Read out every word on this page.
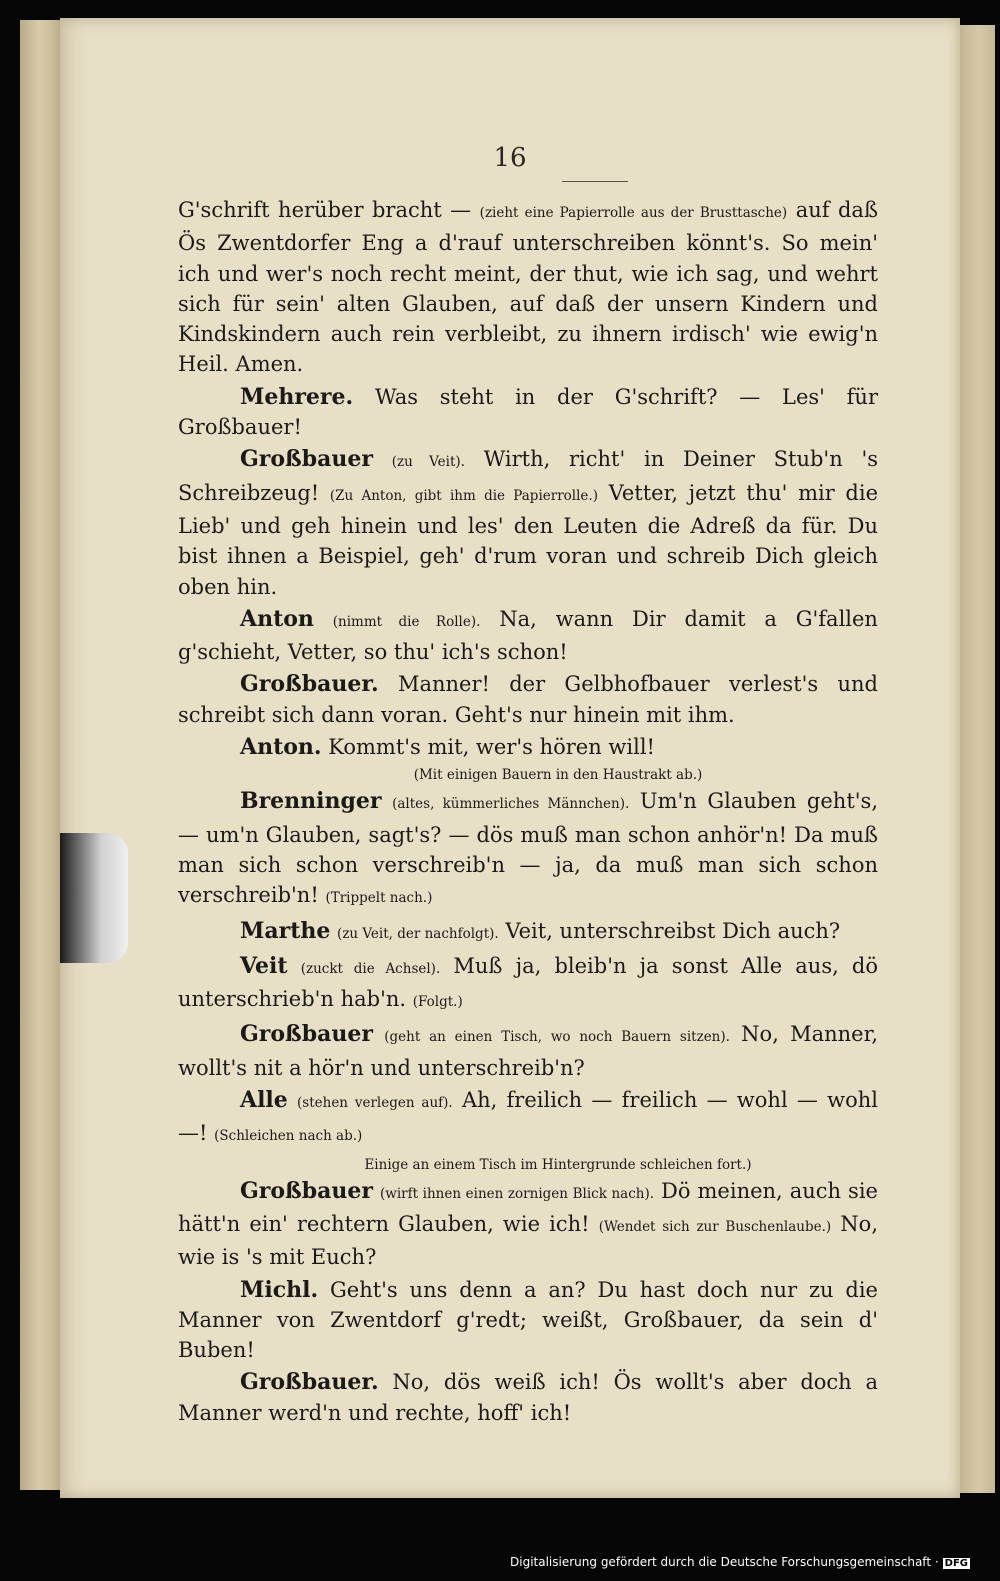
16

G'schrift herüber bracht — (zieht eine Papierrolle aus der Brusttasche) auf daß Ös Zwentdorfer Eng a d'rauf unterschreiben könnt's. So mein' ich und wer's noch recht meint, der thut, wie ich sag, und wehrt sich für sein' alten Glauben, auf daß der unsern Kindern und Kindskindern auch rein verbleibt, zu ihnern irdisch' wie ewig'n Heil. Amen.

Mehrere. Was steht in der G'schrift? — Les' für Großbauer!

Großbauer (zu Veit). Wirth, richt' in Deiner Stub'n 's Schreibzeug! (Zu Anton, gibt ihm die Papierrolle.) Vetter, jetzt thu' mir die Lieb' und geh hinein und les' den Leuten die Adreß da für. Du bist ihnen a Beispiel, geh' d'rum voran und schreib Dich gleich oben hin.

Anton (nimmt die Rolle). Na, wann Dir damit a G'fallen g'schieht, Vetter, so thu' ich's schon!

Großbauer. Manner! der Gelbhofbauer verlest's und schreibt sich dann voran. Geht's nur hinein mit ihm.

Anton. Kommt's mit, wer's hören will!

(Mit einigen Bauern in den Haustrakt ab.)

Brenninger (altes, kümmerliches Männchen). Um'n Glauben geht's, — um'n Glauben, sagt's? — dös muß man schon anhör'n! Da muß man sich schon verschreib'n — ja, da muß man sich schon verschreib'n! (Trippelt nach.)

Marthe (zu Veit, der nachfolgt). Veit, unterschreibst Dich auch?

Veit (zuckt die Achsel). Muß ja, bleib'n ja sonst Alle aus, dö unterschrieb'n hab'n. (Folgt.)

Großbauer (geht an einen Tisch, wo noch Bauern sitzen). No, Manner, wollt's nit a hör'n und unterschreib'n?

Alle (stehen verlegen auf). Ah, freilich — freilich — wohl — wohl —! (Schleichen nach ab.)

Einige an einem Tisch im Hintergrunde schleichen fort.)

Großbauer (wirft ihnen einen zornigen Blick nach). Dö meinen, auch sie hätt'n ein' rechtern Glauben, wie ich! (Wendet sich zur Buschenlaube.) No, wie is 's mit Euch?

Michl. Geht's uns denn a an? Du hast doch nur zu die Manner von Zwentdorf g'redt; weißt, Großbauer, da sein d' Buben!

Großbauer. No, dös weiß ich! Ös wollt's aber doch a Manner werd'n und rechte, hoff' ich!

Digitalisierung gefördert durch die Deutsche Forschungsgemeinschaft · DFG
